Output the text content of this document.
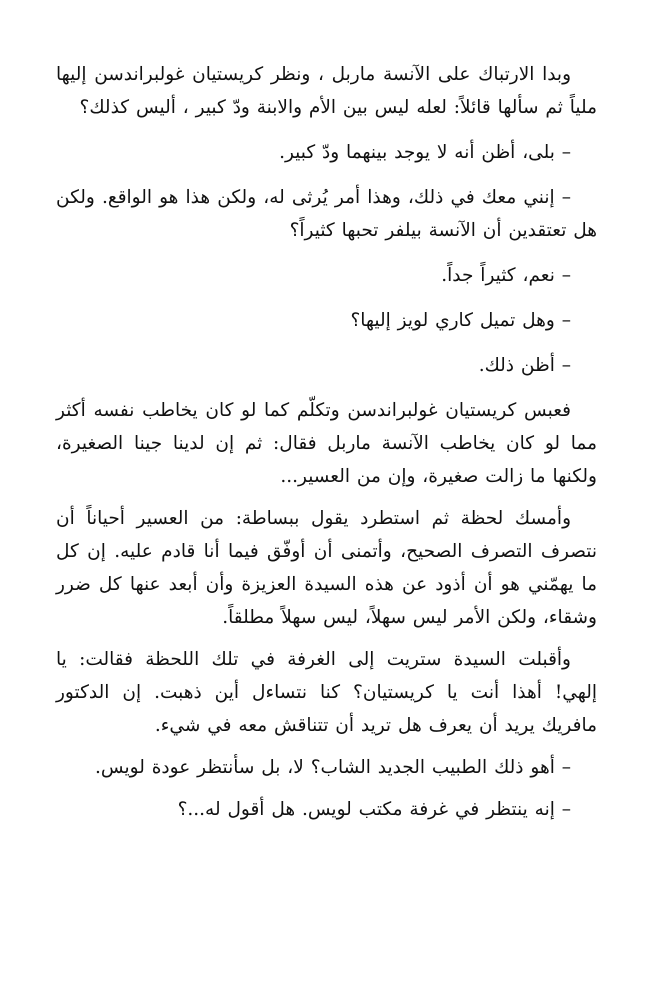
وبدا الارتباك على الآنسة ماربل ، ونظر كريستيان غولبراندسن إليها ملياً ثم سألها قائلاً: لعله ليس بين الأم والابنة ودّ كبير ، أليس كذلك؟

– بلى، أظن أنه لا يوجد بينهما ودّ كبير.

– إنني معك في ذلك، وهذا أمر يُرثى له، ولكن هذا هو الواقع. ولكن هل تعتقدين أن الآنسة بيلفر تحبها كثيراً؟

– نعم، كثيراً جداً.

– وهل تميل كاري لويز إليها؟

– أظن ذلك.

فعبس كريستيان غولبراندسن وتكلّم كما لو كان يخاطب نفسه أكثر مما لو كان يخاطب الآنسة ماربل فقال: ثم إن لدينا جينا الصغيرة، ولكنها ما زالت صغيرة، وإن من العسير...

وأمسك لحظة ثم استطرد يقول ببساطة: من العسير أحياناً أن نتصرف التصرف الصحيح، وأتمنى أن أوفّق فيما أنا قادم عليه. إن كل ما يهمّني هو أن أذود عن هذه السيدة العزيزة وأن أبعد عنها كل ضرر وشقاء، ولكن الأمر ليس سهلاً، ليس سهلاً مطلقاً.

وأقبلت السيدة ستريت إلى الغرفة في تلك اللحظة فقالت: يا إلهي! أهذا أنت يا كريستيان؟ كنا نتساءل أين ذهبت. إن الدكتور مافريك يريد أن يعرف هل تريد أن تتناقش معه في شيء.

– أهو ذلك الطبيب الجديد الشاب؟ لا، بل سأنتظر عودة لويس.

– إنه ينتظر في غرفة مكتب لويس. هل أقول له...؟
